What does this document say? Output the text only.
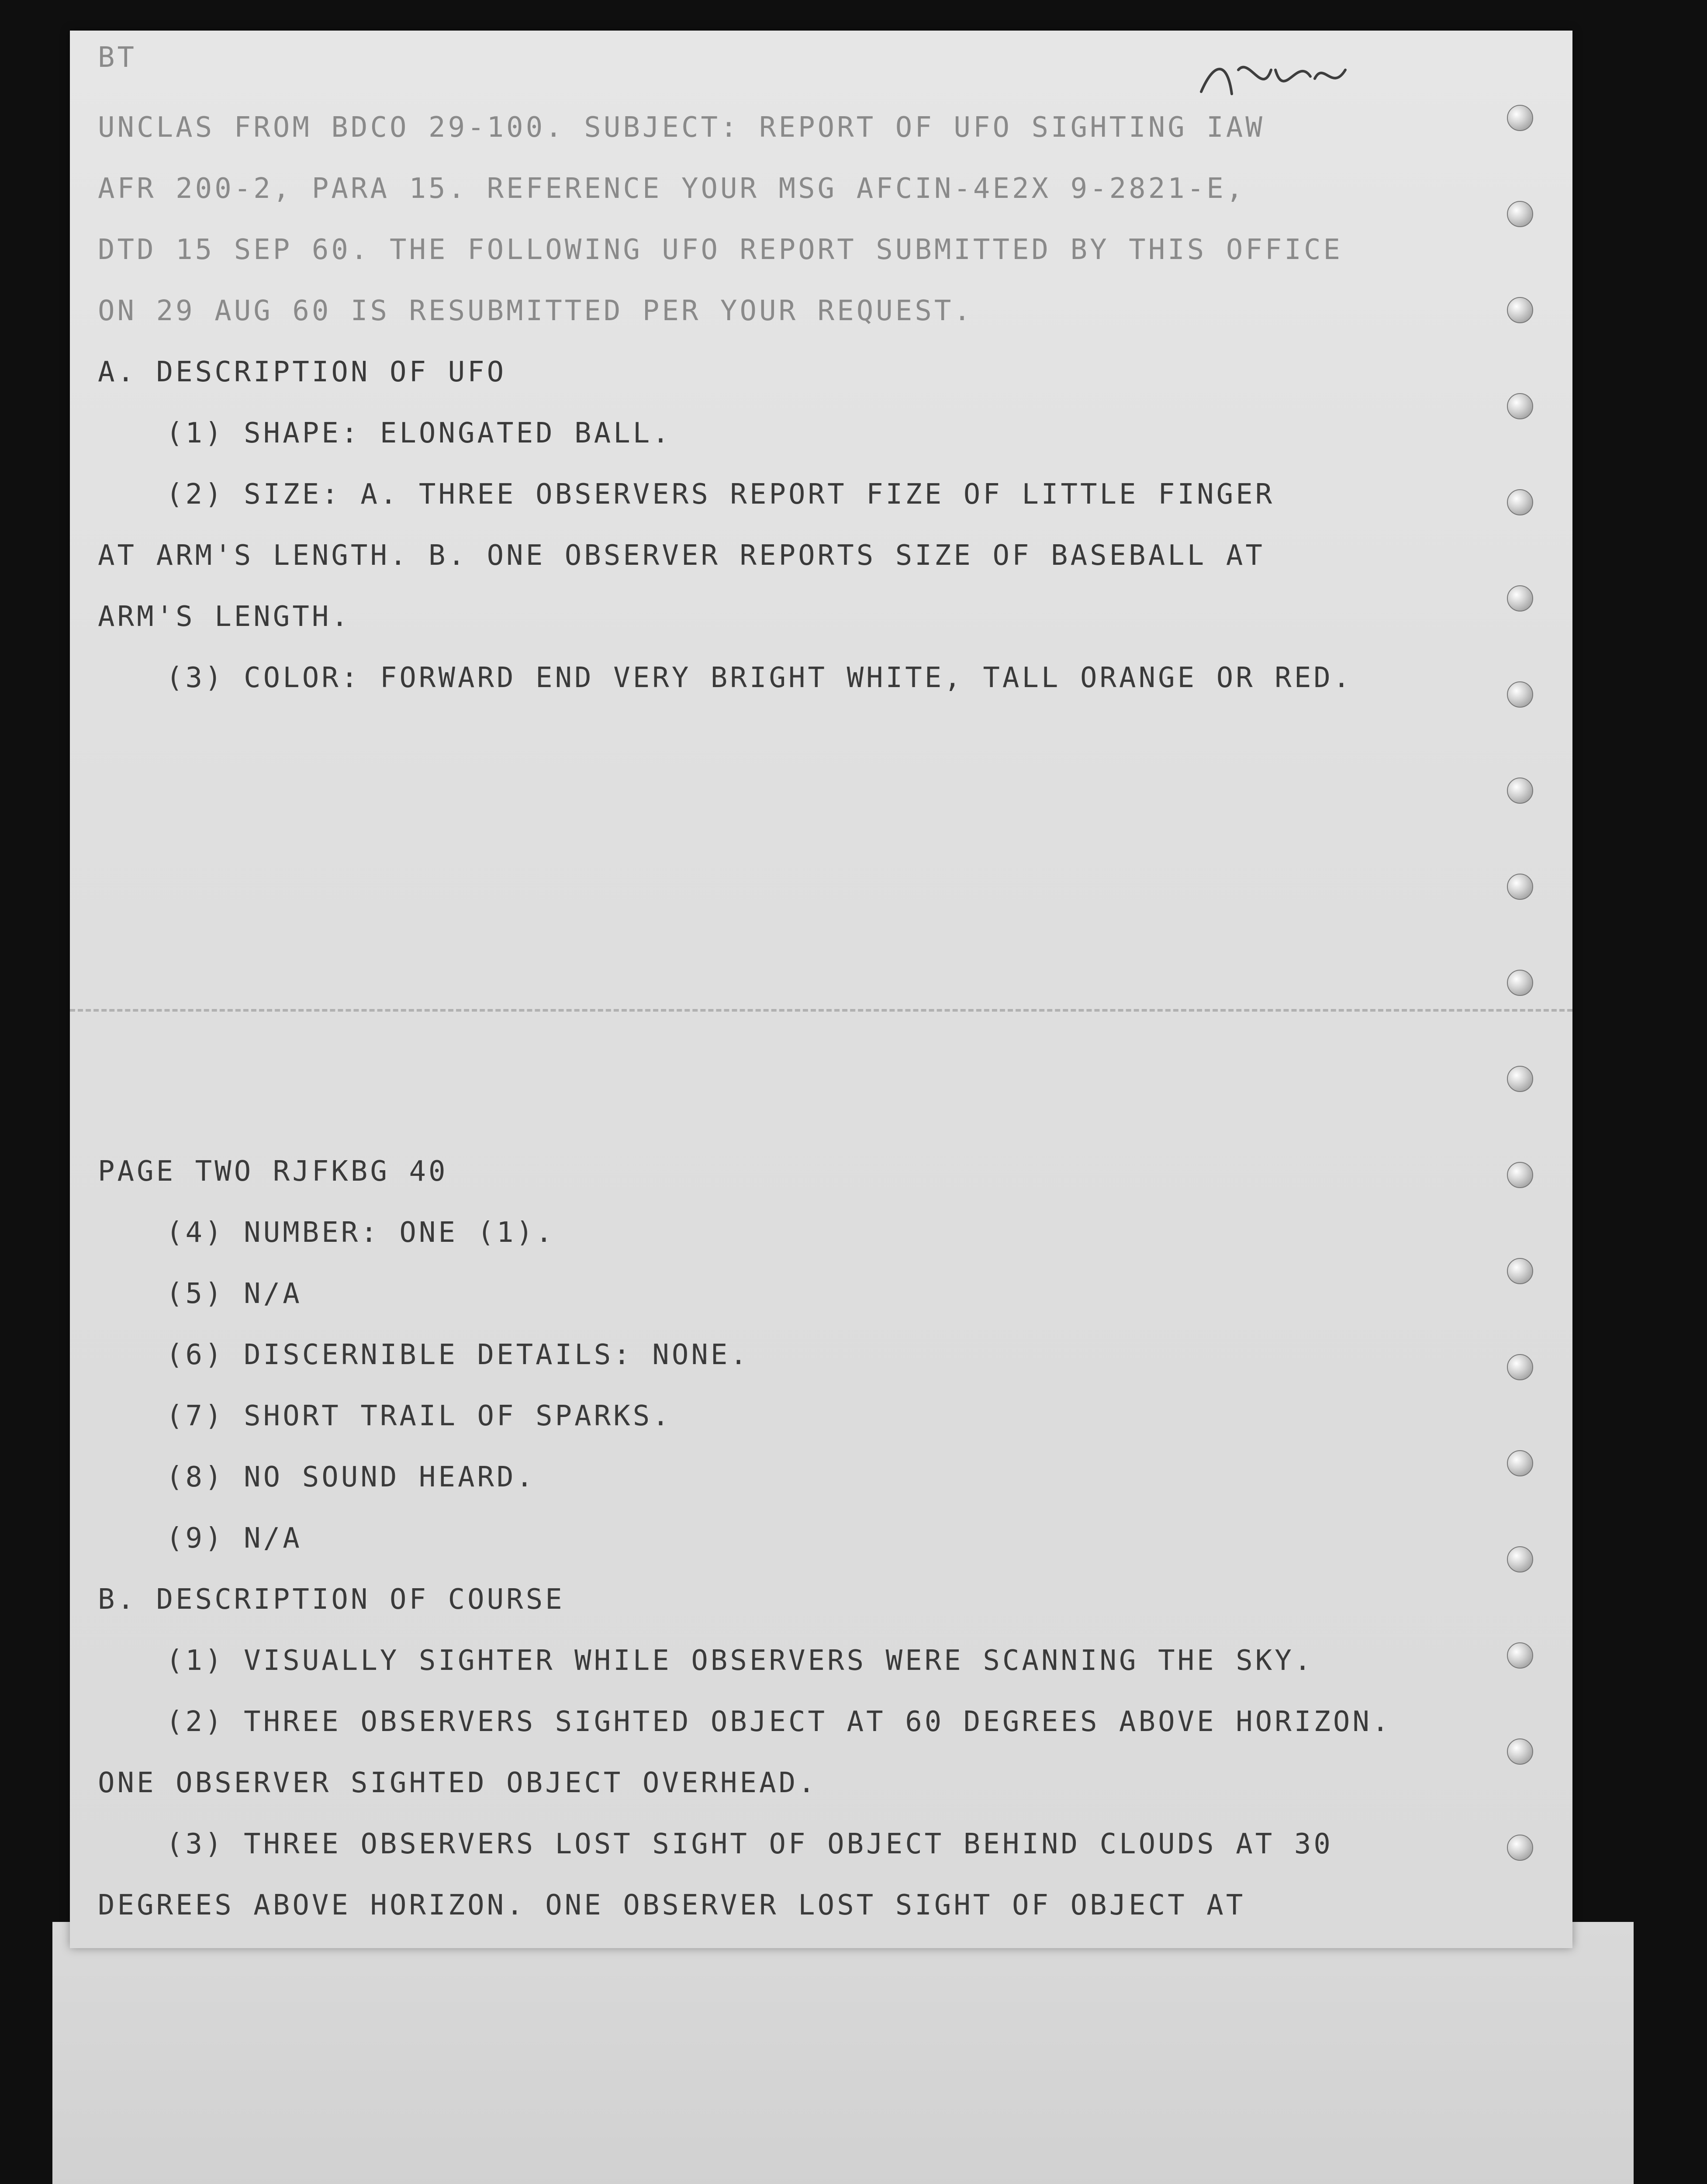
BT
UNCLAS FROM BDCO 29-100. SUBJECT: REPORT OF UFO SIGHTING IAW
AFR 200-2, PARA 15. REFERENCE YOUR MSG AFCIN-4E2X 9-2821-E,
DTD 15 SEP 60. THE FOLLOWING UFO REPORT SUBMITTED BY THIS OFFICE
ON 29 AUG 60 IS RESUBMITTED PER YOUR REQUEST.
A. DESCRIPTION OF UFO
(1) SHAPE: ELONGATED BALL.
(2) SIZE: A. THREE OBSERVERS REPORT FIZE OF LITTLE FINGER
AT ARM'S LENGTH. B. ONE OBSERVER REPORTS SIZE OF BASEBALL AT
ARM'S LENGTH.
(3) COLOR: FORWARD END VERY BRIGHT WHITE, TALL ORANGE OR RED.
PAGE TWO RJFKBG 40
(4) NUMBER: ONE (1).
(5) N/A
(6) DISCERNIBLE DETAILS: NONE.
(7) SHORT TRAIL OF SPARKS.
(8) NO SOUND HEARD.
(9) N/A
B. DESCRIPTION OF COURSE
(1) VISUALLY SIGHTER WHILE OBSERVERS WERE SCANNING THE SKY.
(2) THREE OBSERVERS SIGHTED OBJECT AT 60 DEGREES ABOVE HORIZON.
ONE OBSERVER SIGHTED OBJECT OVERHEAD.
(3) THREE OBSERVERS LOST SIGHT OF OBJECT BEHIND CLOUDS AT 30
DEGREES ABOVE HORIZON. ONE OBSERVER LOST SIGHT OF OBJECT AT
